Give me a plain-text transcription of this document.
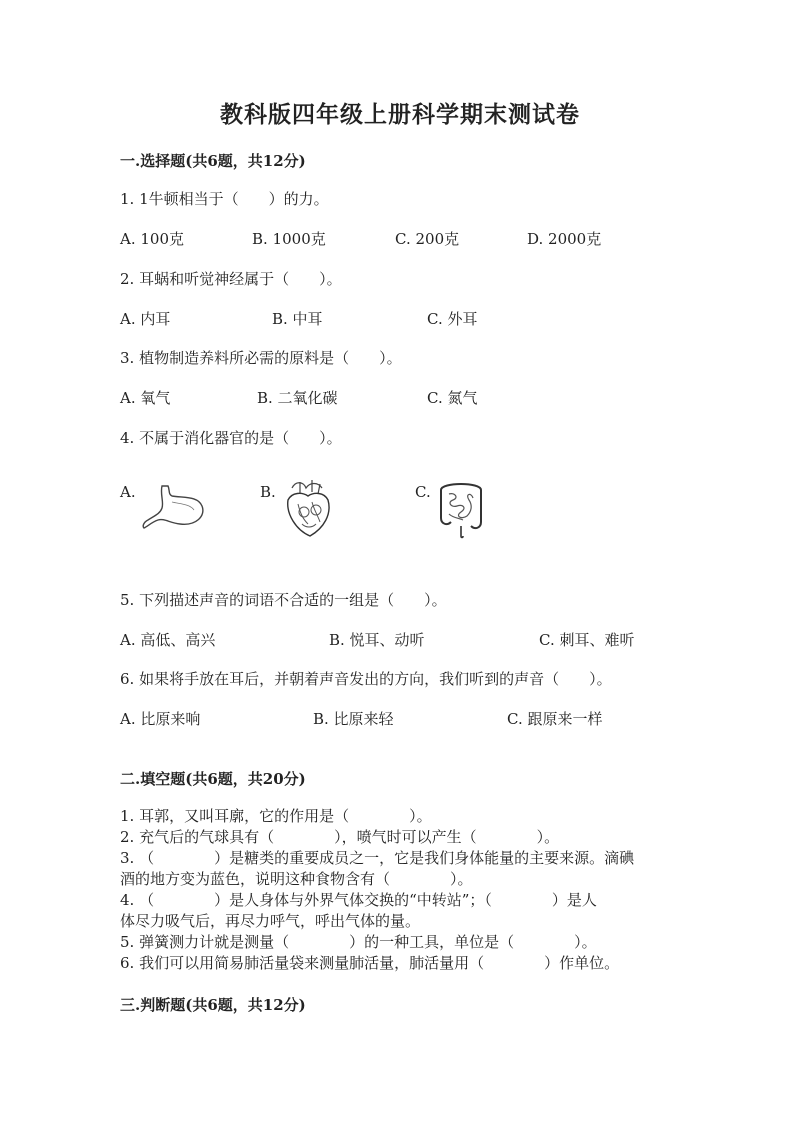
教科版四年级上册科学期末测试卷
一.选择题(共6题，共12分)
1. 1牛顿相当于（　　）的力。
A. 100克	B. 1000克	C. 200克	D. 2000克
2. 耳蜗和听觉神经属于（　　）。
A. 内耳	B. 中耳	C. 外耳
3. 植物制造养料所必需的原料是（　　）。
A. 氧气	B. 二氧化碳	C. 氮气
4. 不属于消化器官的是（　　）。
A.	B.	C.
5. 下列描述声音的词语不合适的一组是（　　）。
A. 高低、高兴	B. 悦耳、动听	C. 刺耳、难听
6. 如果将手放在耳后，并朝着声音发出的方向，我们听到的声音（　　）。
A. 比原来响	B. 比原来轻	C. 跟原来一样
二.填空题(共6题，共20分)
1. 耳郭，又叫耳廓，它的作用是（　　　　）。
2. 充气后的气球具有（　　　　），喷气时可以产生（　　　　）。
3. （　　　　）是糖类的重要成员之一，它是我们身体能量的主要来源。滴碘
酒的地方变为蓝色，说明这种食物含有（　　　　）。
4. （　　　　）是人身体与外界气体交换的“中转站”；（　　　　）是人
体尽力吸气后，再尽力呼气，呼出气体的量。
5. 弹簧测力计就是测量（　　　　）的一种工具，单位是（　　　　）。
6. 我们可以用简易肺活量袋来测量肺活量，肺活量用（　　　　）作单位。
三.判断题(共6题，共12分)
